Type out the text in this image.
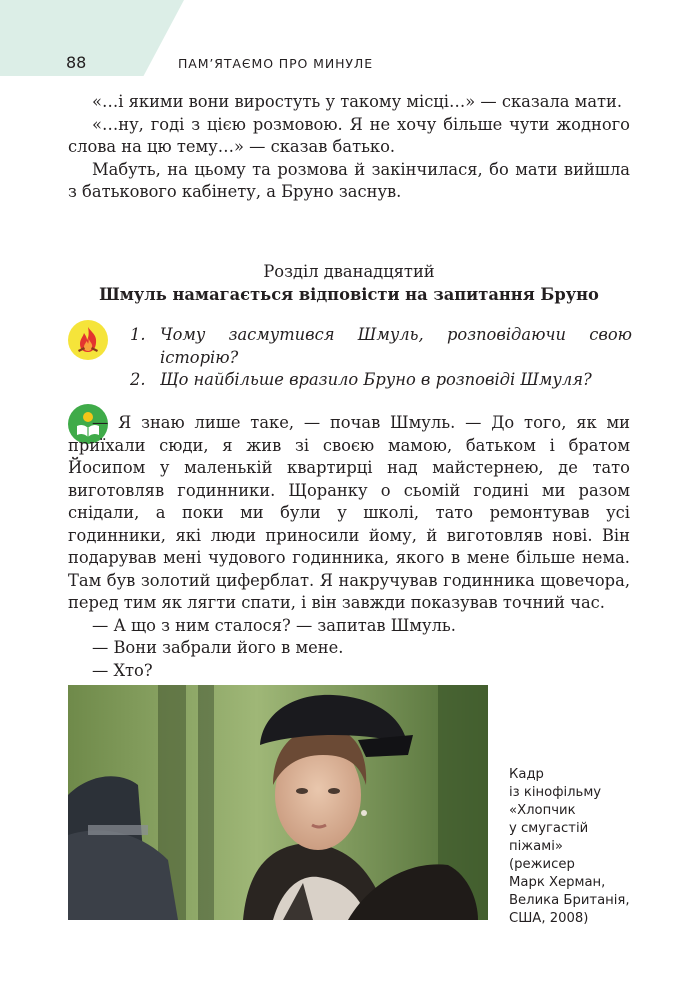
88	ПАМ’ЯТАЄМО ПРО МИНУЛЕ

«…і якими вони виростуть у такому місці…» — сказала мати.

«…ну, годі з цією розмовою. Я не хочу більше чути жодного слова на цю тему…» — сказав батько.

Мабуть, на цьому та розмова й закінчилася, бо мати вийшла з батькового кабінету, а Бруно заснув.

Розділ дванадцятий
Шмуль намагається відповісти на запитання Бруно
1. Чому засмутився Шмуль, розповідаючи свою історію?
2. Що найбільше вразило Бруно в розповіді Шмуля?

— Я знаю лише таке, — почав Шмуль. — До того, як ми приїхали сюди, я жив зі своєю мамою, батьком і братом Йосипом у маленькій квартирці над майстернею, де тато виготовляв годинники. Щоранку о сьомій годині ми разом снідали, а поки ми були у школі, тато ремонтував усі годинники, які люди приносили йому, й виготовляв нові. Він подарував мені чудового годинника, якого в мене більше нема. Там був золотий циферблат. Я накручував годинника щовечора, перед тим як лягти спати, і він завжди показував точний час.

— А що з ним сталося? — запитав Шмуль.

— Вони забрали його в мене.

— Хто?

Кадр
із кінофільму
«Хлопчик
у смугастій
піжамі»
(режисер
Марк Херман,
Велика Британія,
США, 2008)
